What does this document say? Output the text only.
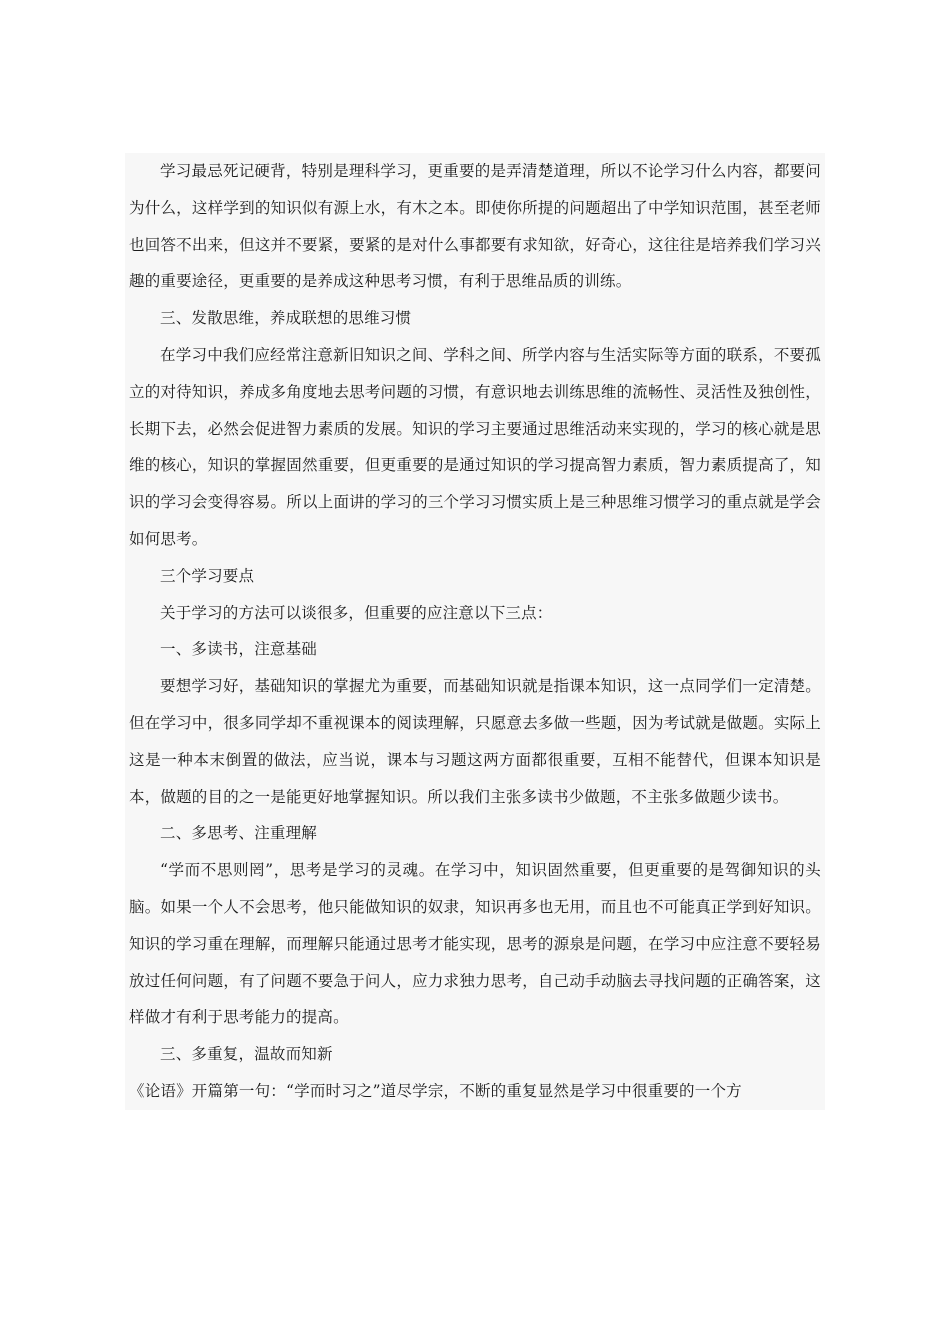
学习最忌死记硬背，特别是理科学习，更重要的是弄清楚道理，所以不论学习什么内容，都要问为什么，这样学到的知识似有源上水，有木之本。即使你所提的问题超出了中学知识范围，甚至老师也回答不出来，但这并不要紧，要紧的是对什么事都要有求知欲，好奇心，这往往是培养我们学习兴趣的重要途径，更重要的是养成这种思考习惯，有利于思维品质的训练。

三、发散思维，养成联想的思维习惯

在学习中我们应经常注意新旧知识之间、学科之间、所学内容与生活实际等方面的联系，不要孤立的对待知识，养成多角度地去思考问题的习惯，有意识地去训练思维的流畅性、灵活性及独创性，长期下去，必然会促进智力素质的发展。知识的学习主要通过思维活动来实现的，学习的核心就是思维的核心，知识的掌握固然重要，但更重要的是通过知识的学习提高智力素质，智力素质提高了，知识的学习会变得容易。所以上面讲的学习的三个学习习惯实质上是三种思维习惯学习的重点就是学会如何思考。

三个学习要点

关于学习的方法可以谈很多，但重要的应注意以下三点：

一、多读书，注意基础

要想学习好，基础知识的掌握尤为重要，而基础知识就是指课本知识，这一点同学们一定清楚。但在学习中，很多同学却不重视课本的阅读理解，只愿意去多做一些题，因为考试就是做题。实际上这是一种本末倒置的做法，应当说，课本与习题这两方面都很重要，互相不能替代，但课本知识是本，做题的目的之一是能更好地掌握知识。所以我们主张多读书少做题，不主张多做题少读书。

二、多思考、注重理解

“学而不思则罔”，思考是学习的灵魂。在学习中，知识固然重要，但更重要的是驾御知识的头脑。如果一个人不会思考，他只能做知识的奴隶，知识再多也无用，而且也不可能真正学到好知识。知识的学习重在理解，而理解只能通过思考才能实现，思考的源泉是问题，在学习中应注意不要轻易放过任何问题，有了问题不要急于问人，应力求独力思考，自己动手动脑去寻找问题的正确答案，这样做才有利于思考能力的提高。

三、多重复，温故而知新

《论语》开篇第一句：“学而时习之”道尽学宗，不断的重复显然是学习中很重要的一个方
